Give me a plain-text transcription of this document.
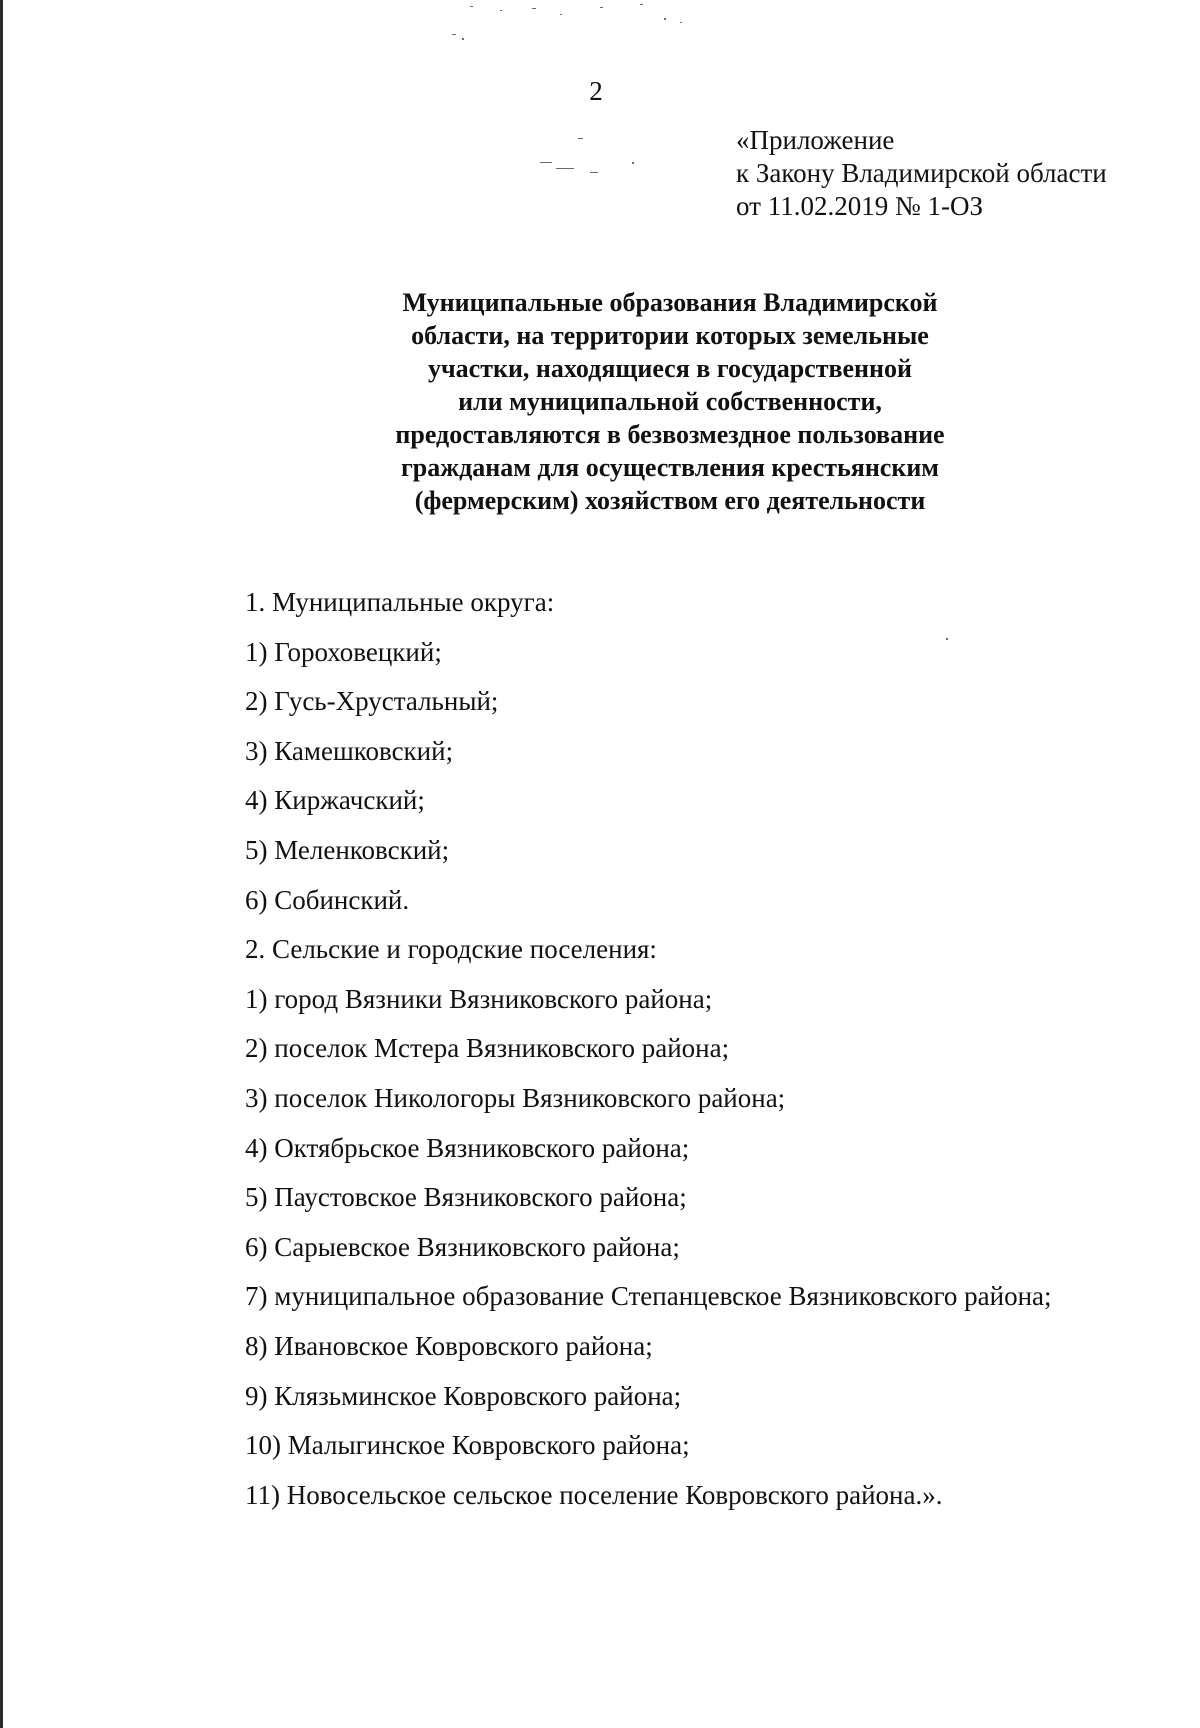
2
«Приложение
к Закону Владимирской области
от 11.02.2019 № 1-ОЗ
Муниципальные образования Владимирской
области, на территории которых земельные
участки, находящиеся в государственной
или муниципальной собственности,
предоставляются в безвозмездное пользование
гражданам для осуществления крестьянским
(фермерским) хозяйством его деятельности
1. Муниципальные округа:
1) Гороховецкий;
2) Гусь-Хрустальный;
3) Камешковский;
4) Киржачский;
5) Меленковский;
6) Собинский.
2. Сельские и городские поселения:
1) город Вязники Вязниковского района;
2) поселок Мстера Вязниковского района;
3) поселок Никологоры Вязниковского района;
4) Октябрьское Вязниковского района;
5) Паустовское Вязниковского района;
6) Сарыевское Вязниковского района;
7) муниципальное образование Степанцевское Вязниковского района;
8) Ивановское Ковровского района;
9) Клязьминское Ковровского района;
10) Малыгинское Ковровского района;
11) Новосельское сельское поселение Ковровского района.».
